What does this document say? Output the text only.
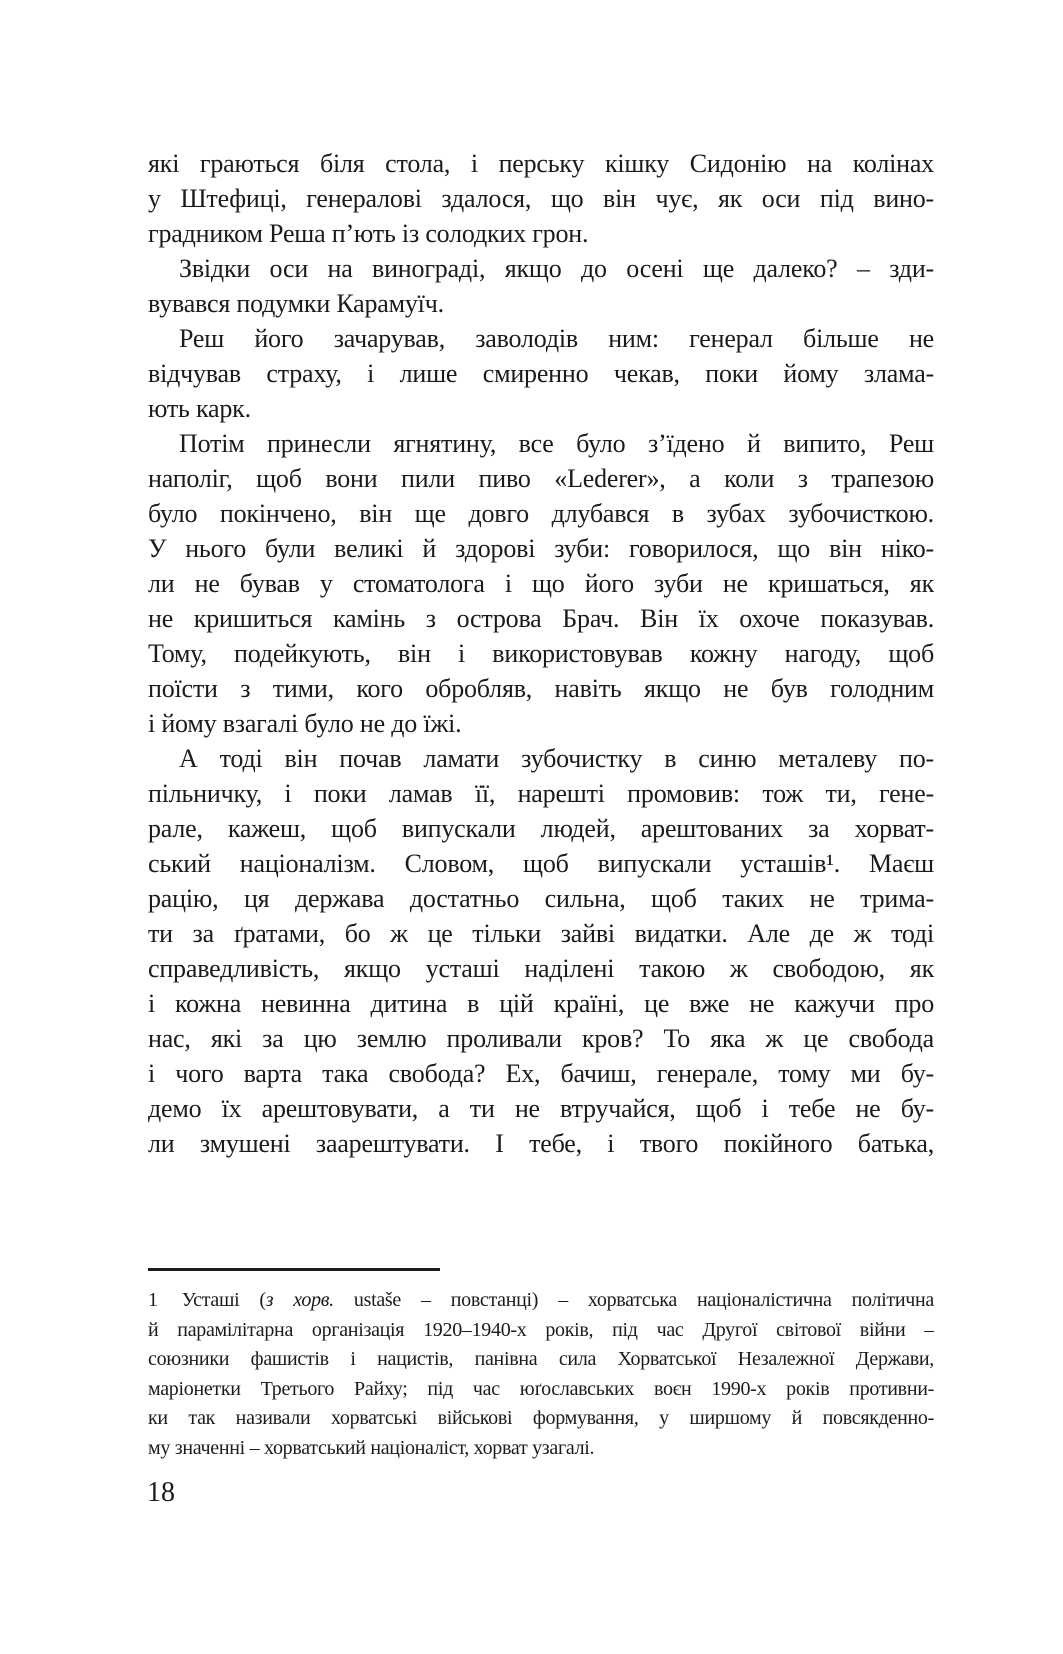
які граються біля стола, і перську кішку Сидонію на колінах
у Штефиці, генералові здалося, що він чує, як оси під вино-
градником Реша п’ють із солодких грон.
Звідки оси на винограді, якщо до осені ще далеко? – зди-
вувався подумки Карамуїч.
Реш його зачарував, заволодів ним: генерал більше не
відчував страху, і лише смиренно чекав, поки йому злама-
ють карк.
Потім принесли ягнятину, все було з’їдено й випито, Реш
наполіг, щоб вони пили пиво «Lederer», а коли з трапезою
було покінчено, він ще довго длубався в зубах зубочисткою.
У нього були великі й здорові зуби: говорилося, що він ніко-
ли не бував у стоматолога і що його зуби не кришаться, як
не кришиться камінь з острова Брач. Він їх охоче показував.
Тому, подейкують, він і використовував кожну нагоду, щоб
поїсти з тими, кого обробляв, навіть якщо не був голодним
і йому взагалі було не до їжі.
А тоді він почав ламати зубочистку в синю металеву по-
пільничку, і поки ламав її, нарешті промовив: тож ти, гене-
рале, кажеш, щоб випускали людей, арештованих за хорват-
ський націоналізм. Словом, щоб випускали усташів¹. Маєш
рацію, ця держава достатньо сильна, щоб таких не трима-
ти за ґратами, бо ж це тільки зайві видатки. Але де ж тоді
справедливість, якщо усташі наділені такою ж свободою, як
і кожна невинна дитина в цій країні, це вже не кажучи про
нас, які за цю землю проливали кров? То яка ж це свобода
і чого варта така свобода? Ех, бачиш, генерале, тому ми бу-
демо їх арештовувати, а ти не втручайся, щоб і тебе не бу-
ли змушені заарештувати. І тебе, і твого покійного батька,
1 Усташі (з хорв. ustaše – повстанці) – хорватська націоналістична політична
й парамілітарна організація 1920–1940-х років, під час Другої світової війни –
союзники фашистів і нацистів, панівна сила Хорватської Незалежної Держави,
маріонетки Третього Райху; під час юґославських воєн 1990-х років противни-
ки так називали хорватські військові формування, у ширшому й повсякденно-
му значенні – хорватський націоналіст, хорват узагалі.
18
